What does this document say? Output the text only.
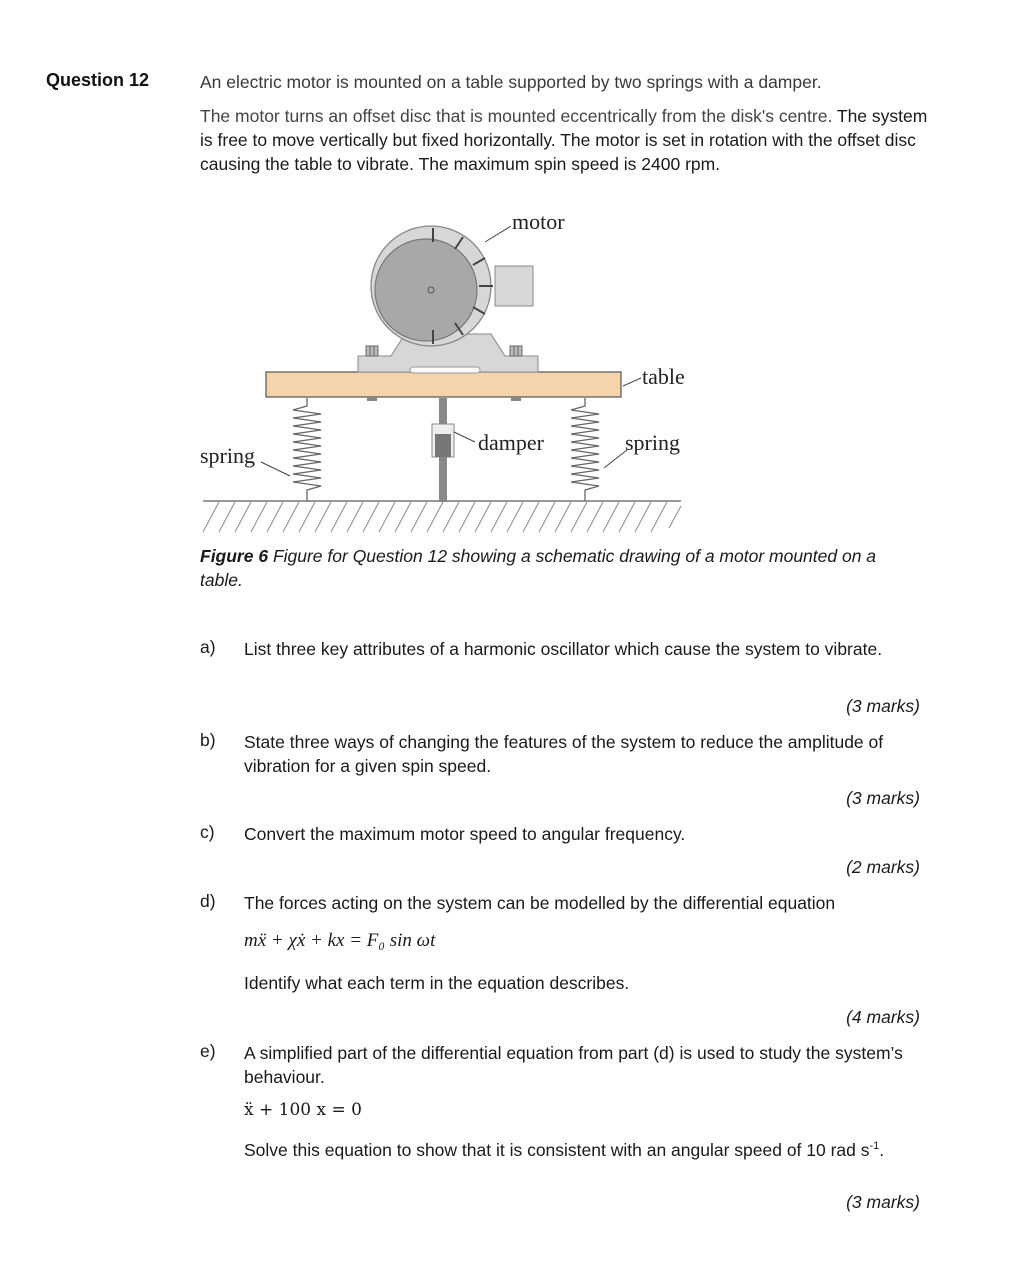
Question 12	An electric motor is mounted on a table supported by two springs with a damper.
The motor turns an offset disc that is mounted eccentrically from the disk's centre. The system is free to move vertically but fixed horizontally. The motor is set in rotation with the offset disc causing the table to vibrate. The maximum spin speed is 2400 rpm.
motor
table
damper
spring
spring
Figure 6 Figure for Question 12 showing a schematic drawing of a motor mounted on a table.
a) List three key attributes of a harmonic oscillator which cause the system to vibrate.
(3 marks)
b) State three ways of changing the features of the system to reduce the amplitude of vibration for a given spin speed.
(3 marks)
c) Convert the maximum motor speed to angular frequency.
(2 marks)
d) The forces acting on the system can be modelled by the differential equation
mẍ + χẋ + kx = F₀ sin ωt
Identify what each term in the equation describes.
(4 marks)
e) A simplified part of the differential equation from part (d) is used to study the system’s behaviour.
ẍ + 100 x = 0
Solve this equation to show that it is consistent with an angular speed of 10 rad $s^{-1}$.
(3 marks)
